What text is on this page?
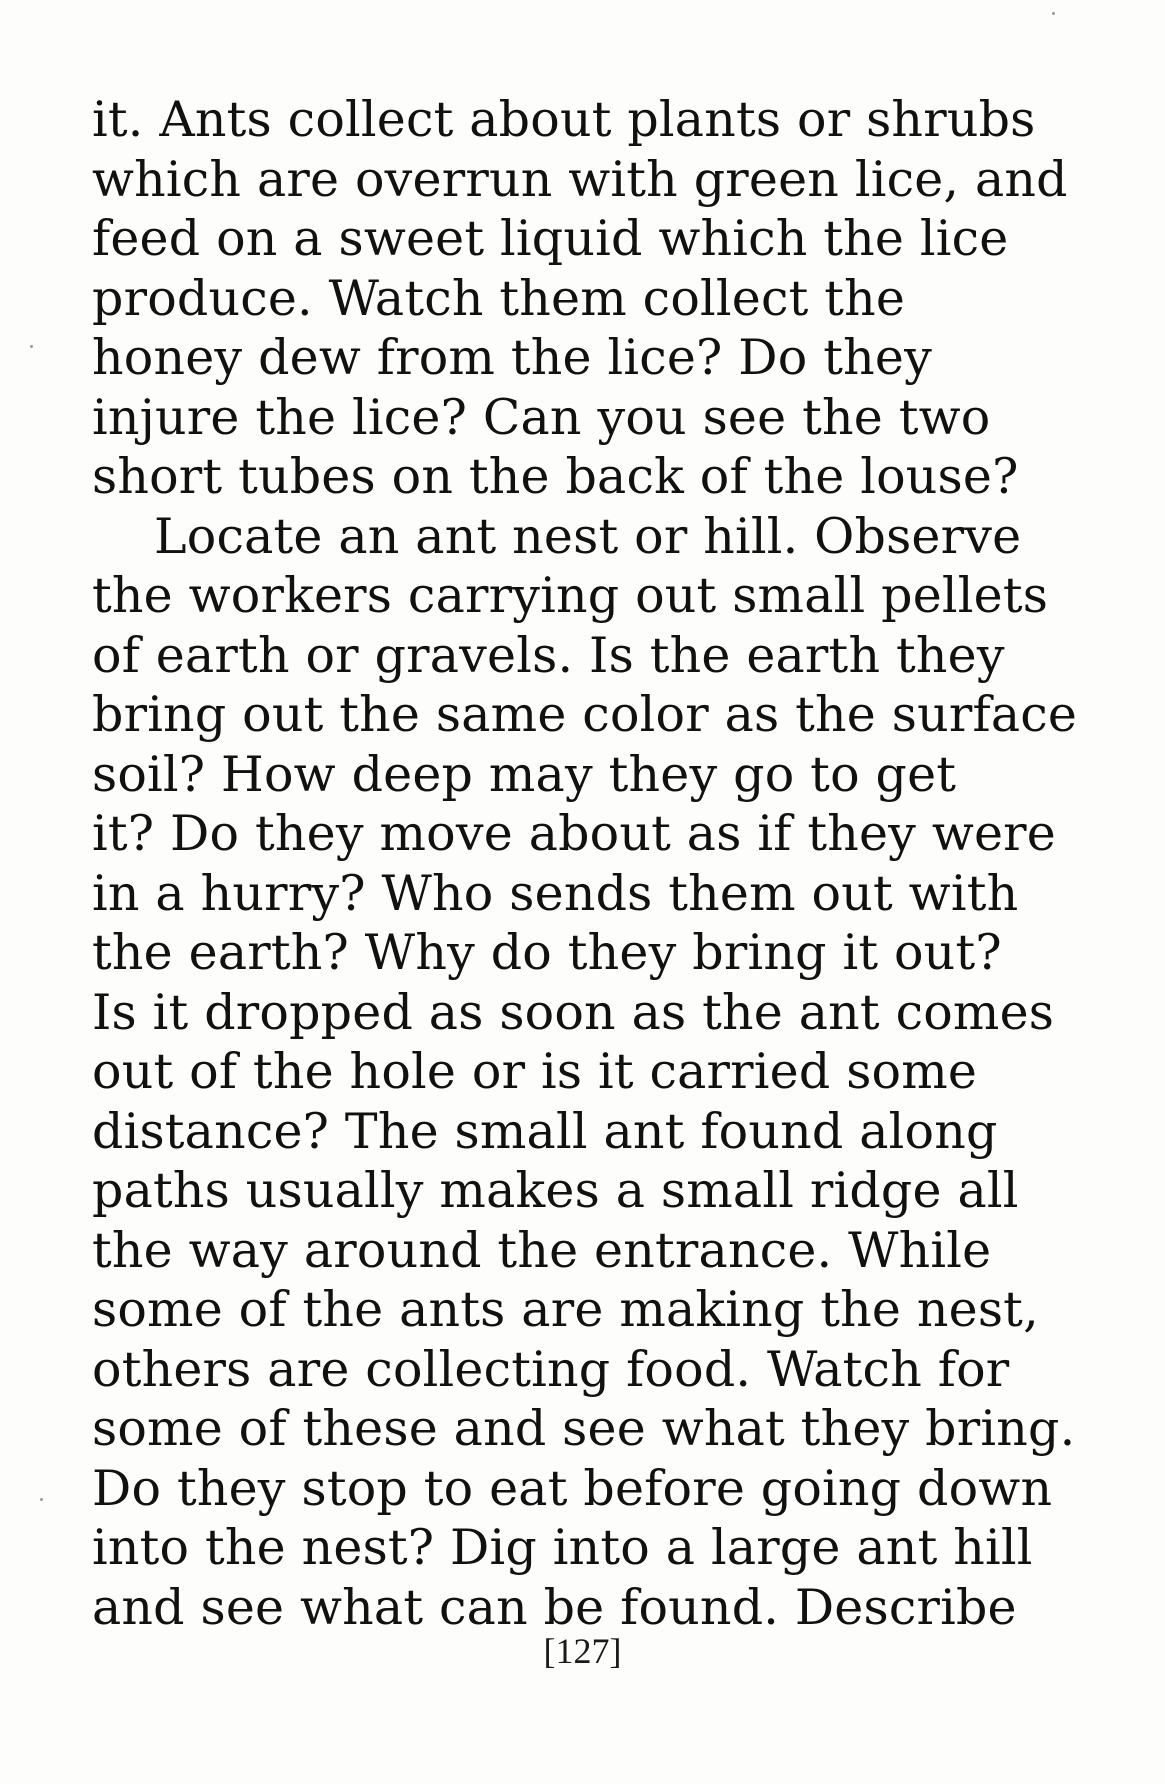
it. Ants collect about plants or shrubs
which are overrun with green lice, and
feed on a sweet liquid which the lice
produce. Watch them collect the
honey dew from the lice? Do they
injure the lice? Can you see the two
short tubes on the back of the louse?
Locate an ant nest or hill. Observe
the workers carrying out small pellets
of earth or gravels. Is the earth they
bring out the same color as the surface
soil? How deep may they go to get
it? Do they move about as if they were
in a hurry? Who sends them out with
the earth? Why do they bring it out?
Is it dropped as soon as the ant comes
out of the hole or is it carried some
distance? The small ant found along
paths usually makes a small ridge all
the way around the entrance. While
some of the ants are making the nest,
others are collecting food. Watch for
some of these and see what they bring.
Do they stop to eat before going down
into the nest? Dig into a large ant hill
and see what can be found. Describe
[127]
